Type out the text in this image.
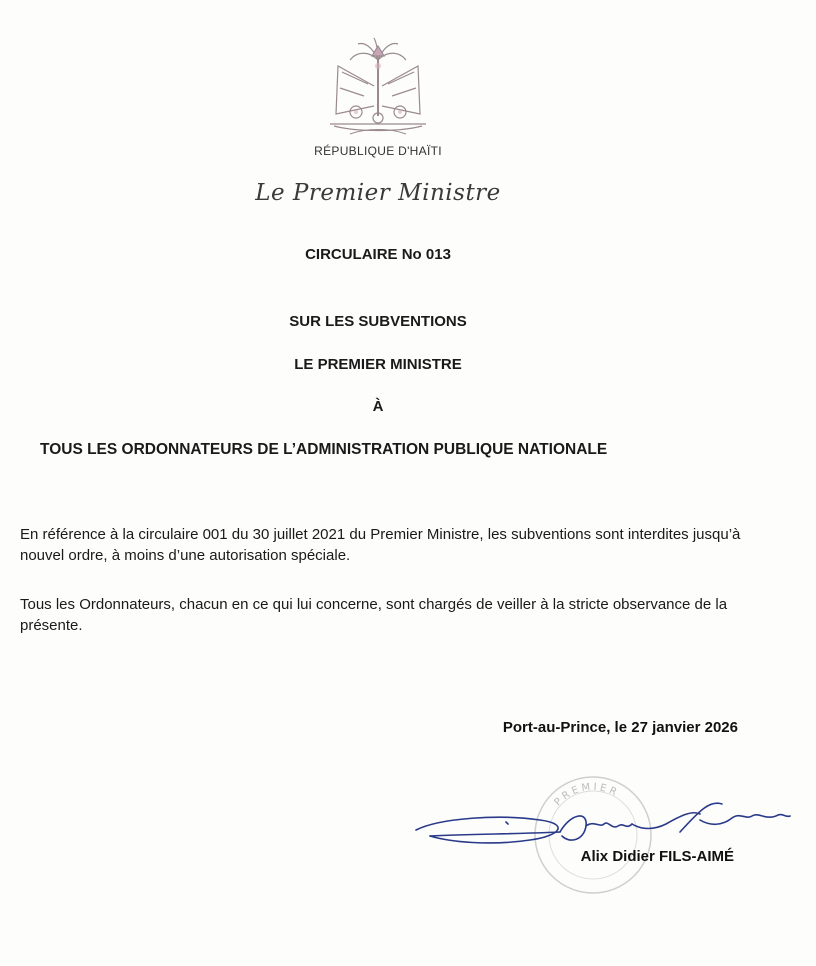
RÉPUBLIQUE D'HAÏTI
Le Premier Ministre
CIRCULAIRE No 013
SUR LES SUBVENTIONS
LE PREMIER MINISTRE
À
TOUS LES ORDONNATEURS DE L’ADMINISTRATION PUBLIQUE NATIONALE

En référence à la circulaire 001 du 30 juillet 2021 du Premier Ministre, les subventions sont interdites jusqu’à nouvel ordre, à moins d’une autorisation spéciale.

Tous les Ordonnateurs, chacun en ce qui lui concerne, sont chargés de veiller à la stricte observance de la présente.

Port-au-Prince, le 27 janvier 2026
PREMIER
Alix Didier FILS-AIMÉ
